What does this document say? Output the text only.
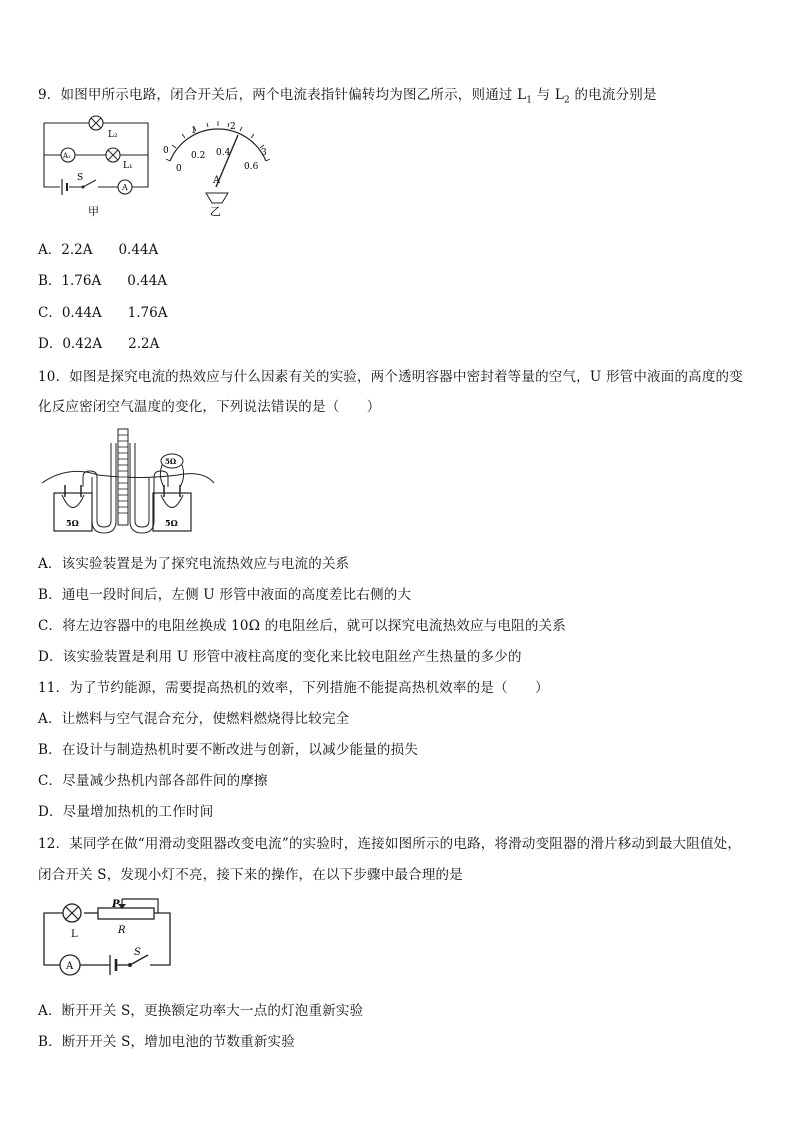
9．如图甲所示电路，闭合开关后，两个电流表指针偏转均为图乙所示，则通过 $L_1$ 与 $L_2$ 的电流分别是
L₂
A₁
L₁
S
A
甲
0
1	2
3
0
0.2 0.4
0.6
A
乙
A．2.2A 0.44A
B．1.76A 0.44A
C．0.44A 1.76A
D．0.42A 2.2A
10．如图是探究电流的热效应与什么因素有关的实验，两个透明容器中密封着等量的空气，U 形管中液面的高度的变
化反应密闭空气温度的变化，下列说法错误的是（　　）
5Ω	5Ω
5Ω
A．该实验装置是为了探究电流热效应与电流的关系
B．通电一段时间后，左侧 U 形管中液面的高度差比右侧的大
C．将左边容器中的电阻丝换成 10Ω 的电阻丝后，就可以探究电流热效应与电阻的关系
D．该实验装置是利用 U 形管中液柱高度的变化来比较电阻丝产生热量的多少的
11．为了节约能源，需要提高热机的效率，下列措施不能提高热机效率的是（　　）
A．让燃料与空气混合充分，使燃料燃烧得比较完全
B．在设计与制造热机时要不断改进与创新，以减少能量的损失
C．尽量减少热机内部各部件间的摩擦
D．尽量增加热机的工作时间
12．某同学在做“用滑动变阻器改变电流”的实验时，连接如图所示的电路，将滑动变阻器的滑片移动到最大阻值处，
闭合开关 S，发现小灯不亮，接下来的操作，在以下步骤中最合理的是
L
P
R
A
S
A．断开开关 S，更换额定功率大一点的灯泡重新实验
B．断开开关 S，增加电池的节数重新实验
